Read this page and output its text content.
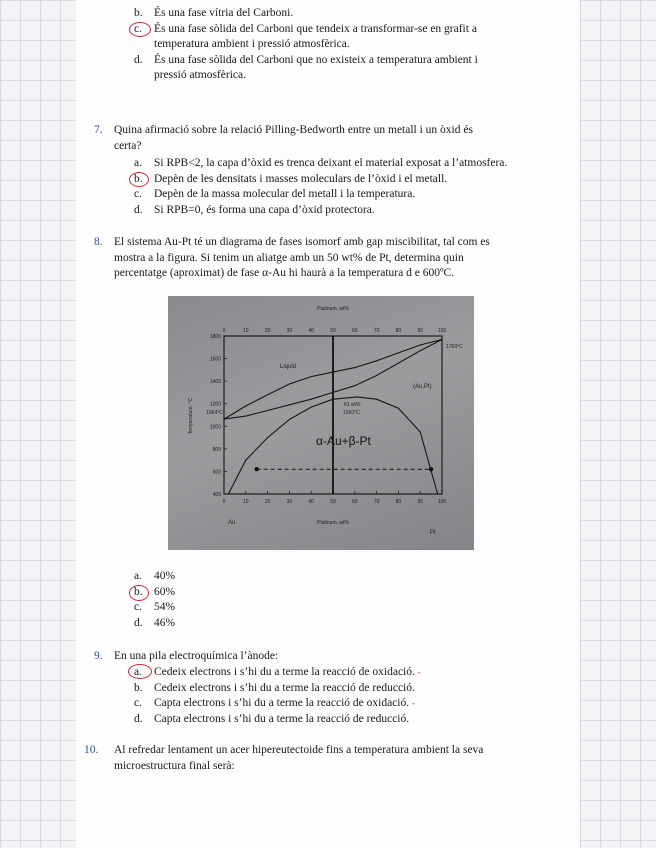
b. És una fase vítria del Carboni.
c. És una fase sòlida del Carboni que tendeix a transformar-se en grafit a
temperatura ambient i pressió atmosfèrica.
d. És una fase sòlida del Carboni que no existeix a temperatura ambient i
pressió atmosfèrica.
7. Quina afirmació sobre la relació Pilling-Bedworth entre un metall i un òxid és
certa?
a. Si RPB<2, la capa d’òxid es trenca deixant el material exposat a l’atmosfera.
b. Depèn de les densitats i masses moleculars de l’òxid i el metall.
c. Depèn de la massa molecular del metall i la temperatura.
d. Si RPB=0, és forma una capa d’òxid protectora.
8. El sistema Au-Pt té un diagrama de fases isomorf amb gap miscibilitat, tal com es
mostra a la figura. Si tenim un aliatge amb un 50 wt% de Pt, determina quin
percentatge (aproximat) de fase α-Au hi haurà a la temperatura d e 600ºC.
a. 40%
b. 60%
c. 54%
d. 46%
9. En una pila electroquímica l’ànode:
a. Cedeix electrons i s’hi du a terme la reacció de oxidació. -
b. Cedeix electrons i s’hi du a terme la reacció de reducció.
c. Capta electrons i s’hi du a terme la reacció de oxidació. -
d. Capta electrons i s’hi du a terme la reacció de reducció.
10. Al refredar lentament un acer hipereutectoide fins a temperatura ambient la seva
microestructura final serà:
Platinum, wt%
Platinum, wt%
Temperature, °C
Au
Pt
Liquid
(Au,Pt)
α-Au+β-Pt
1769°C
1064°C
61 wt%
1260°C
0
0
10
10
20
20
30
30
40
40
50
50
60
60
70
70
80
80
90
90
100
100
400
600
800
1000
1200
1400
1600
1800
